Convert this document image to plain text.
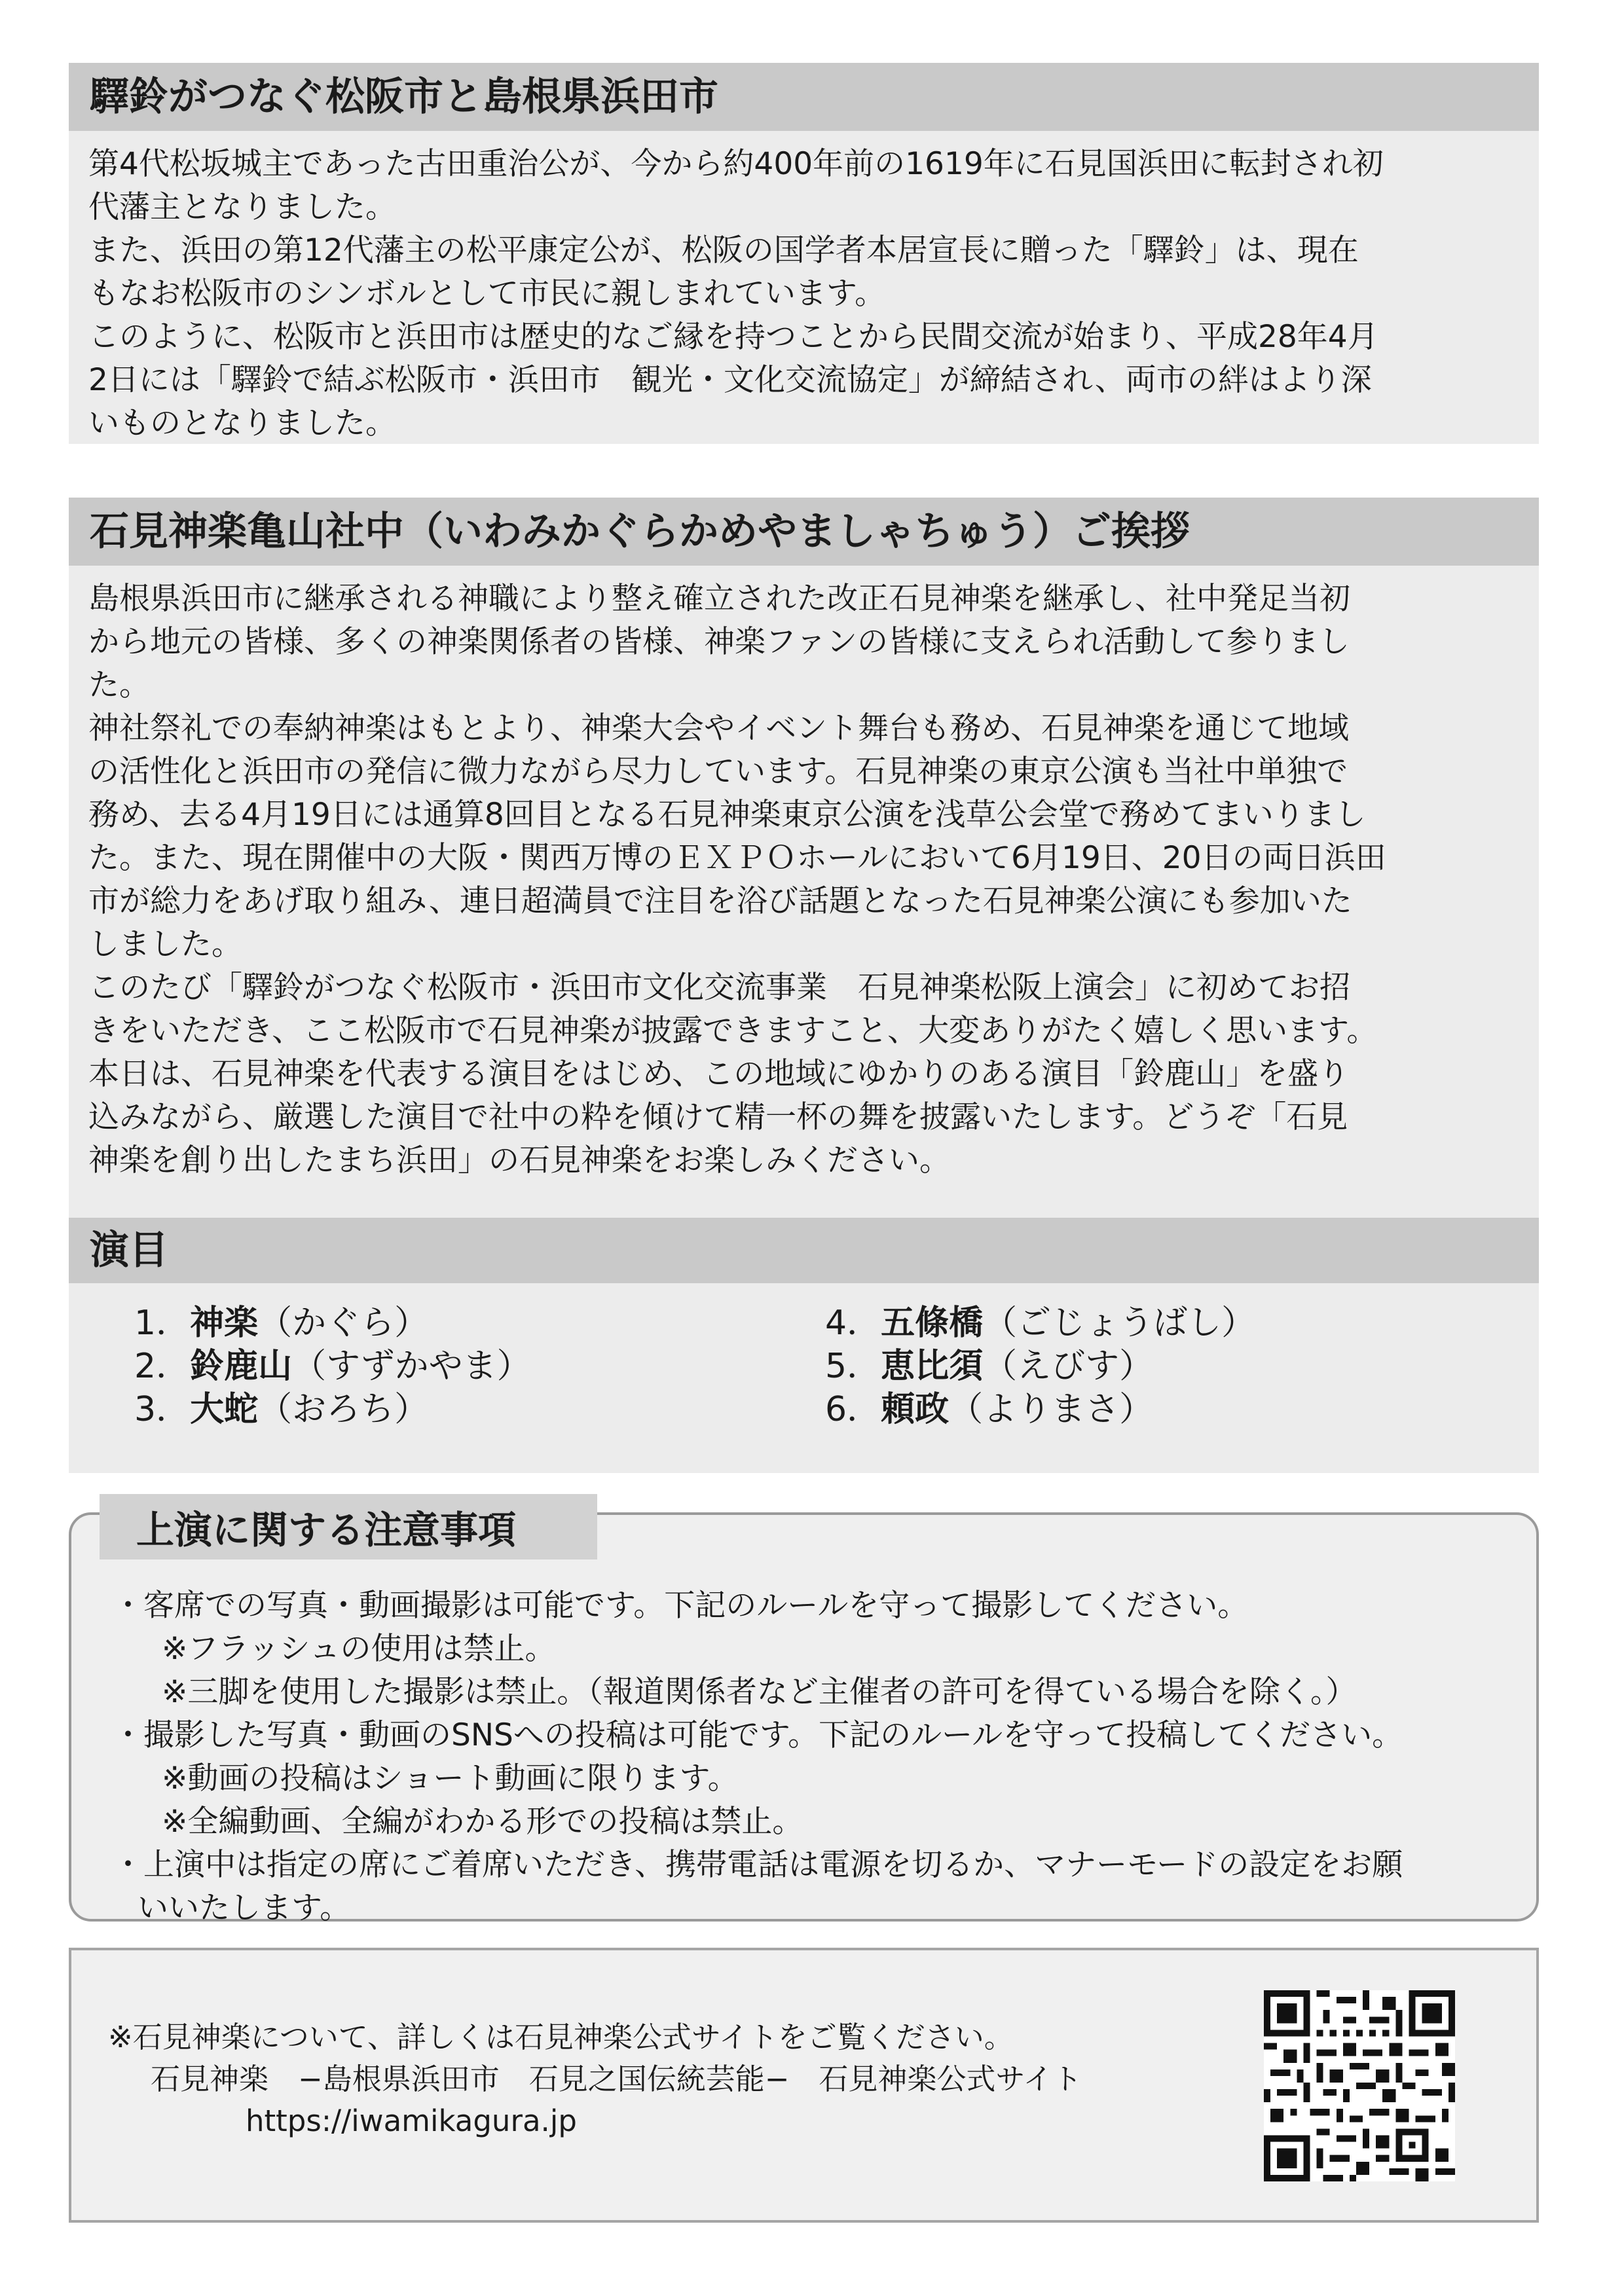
驛鈴がつなぐ松阪市と島根県浜田市

第4代松坂城主であった古田重治公が、今から約400年前の1619年に石見国浜田に転封され初

代藩主となりました。

また、浜田の第12代藩主の松平康定公が、松阪の国学者本居宣長に贈った「驛鈴」は、現在

もなお松阪市のシンボルとして市民に親しまれています。

このように、松阪市と浜田市は歴史的なご縁を持つことから民間交流が始まり、平成28年4月

2日には「驛鈴で結ぶ松阪市・浜田市　観光・文化交流協定」が締結され、両市の絆はより深

いものとなりました。

石見神楽亀山社中（いわみかぐらかめやましゃちゅう）ご挨拶

島根県浜田市に継承される神職により整え確立された改正石見神楽を継承し、社中発足当初

から地元の皆様、多くの神楽関係者の皆様、神楽ファンの皆様に支えられ活動して参りまし

た。

神社祭礼での奉納神楽はもとより、神楽大会やイベント舞台も務め、石見神楽を通じて地域

の活性化と浜田市の発信に微力ながら尽力しています。石見神楽の東京公演も当社中単独で

務め、去る4月19日には通算8回目となる石見神楽東京公演を浅草公会堂で務めてまいりまし

た。また、現在開催中の大阪・関西万博のＥＸＰＯホールにおいて6月19日、20日の両日浜田

市が総力をあげ取り組み、連日超満員で注目を浴び話題となった石見神楽公演にも参加いた

しました。

このたび「驛鈴がつなぐ松阪市・浜田市文化交流事業　石見神楽松阪上演会」に初めてお招

きをいただき、ここ松阪市で石見神楽が披露できますこと、大変ありがたく嬉しく思います。

本日は、石見神楽を代表する演目をはじめ、この地域にゆかりのある演目「鈴鹿山」を盛り

込みながら、厳選した演目で社中の粋を傾けて精一杯の舞を披露いたします。どうぞ「石見

神楽を創り出したまち浜田」の石見神楽をお楽しみください。

演目
1．神楽（かぐら）
2．鈴鹿山（すずかやま）
3．大蛇（おろち）
4．五條橋（ごじょうばし）
5．恵比須（えびす）
6．頼政（よりまさ）
上演に関する注意事項
・客席での写真・動画撮影は可能です。下記のルールを守って撮影してください。
※フラッシュの使用は禁止。
※三脚を使用した撮影は禁止。（報道関係者など主催者の許可を得ている場合を除く。）
・撮影した写真・動画のSNSへの投稿は可能です。下記のルールを守って投稿してください。
※動画の投稿はショート動画に限ります。
※全編動画、全編がわかる形での投稿は禁止。
・上演中は指定の席にご着席いただき、携帯電話は電源を切るか、マナーモードの設定をお願
いいたします。
※石見神楽について、詳しくは石見神楽公式サイトをご覧ください。
石見神楽　−島根県浜田市　石見之国伝統芸能−　石見神楽公式サイト
https://iwamikagura.jp
